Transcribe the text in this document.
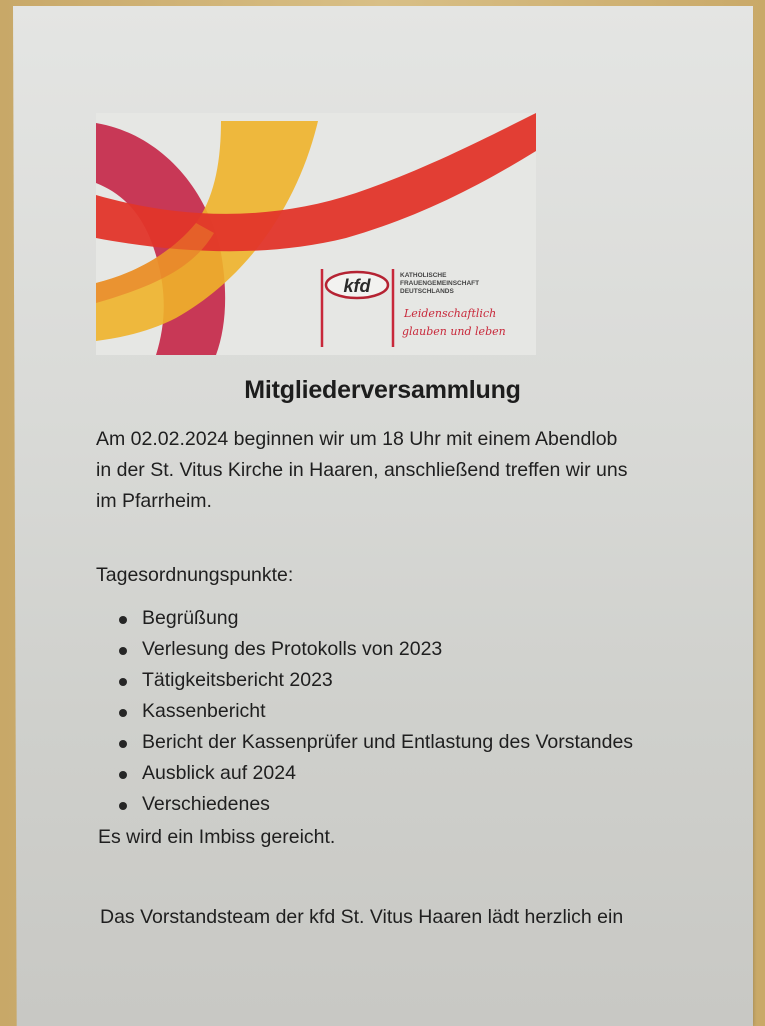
kfd
KATHOLISCHE
FRAUENGEMEINSCHAFT
DEUTSCHLANDS
Leidenschaftlich
glauben und leben
Mitgliederversammlung
Am 02.02.2024 beginnen wir um 18 Uhr mit einem Abendlob
in der St. Vitus Kirche in Haaren, anschließend treffen wir uns
im Pfarrheim.
Tagesordnungspunkte:
Begrüßung
Verlesung des Protokolls von 2023
Tätigkeitsbericht 2023
Kassenbericht
Bericht der Kassenprüfer und Entlastung des Vorstandes
Ausblick auf 2024
Verschiedenes
Es wird ein Imbiss gereicht.
Das Vorstandsteam der kfd St. Vitus Haaren lädt herzlich ein
